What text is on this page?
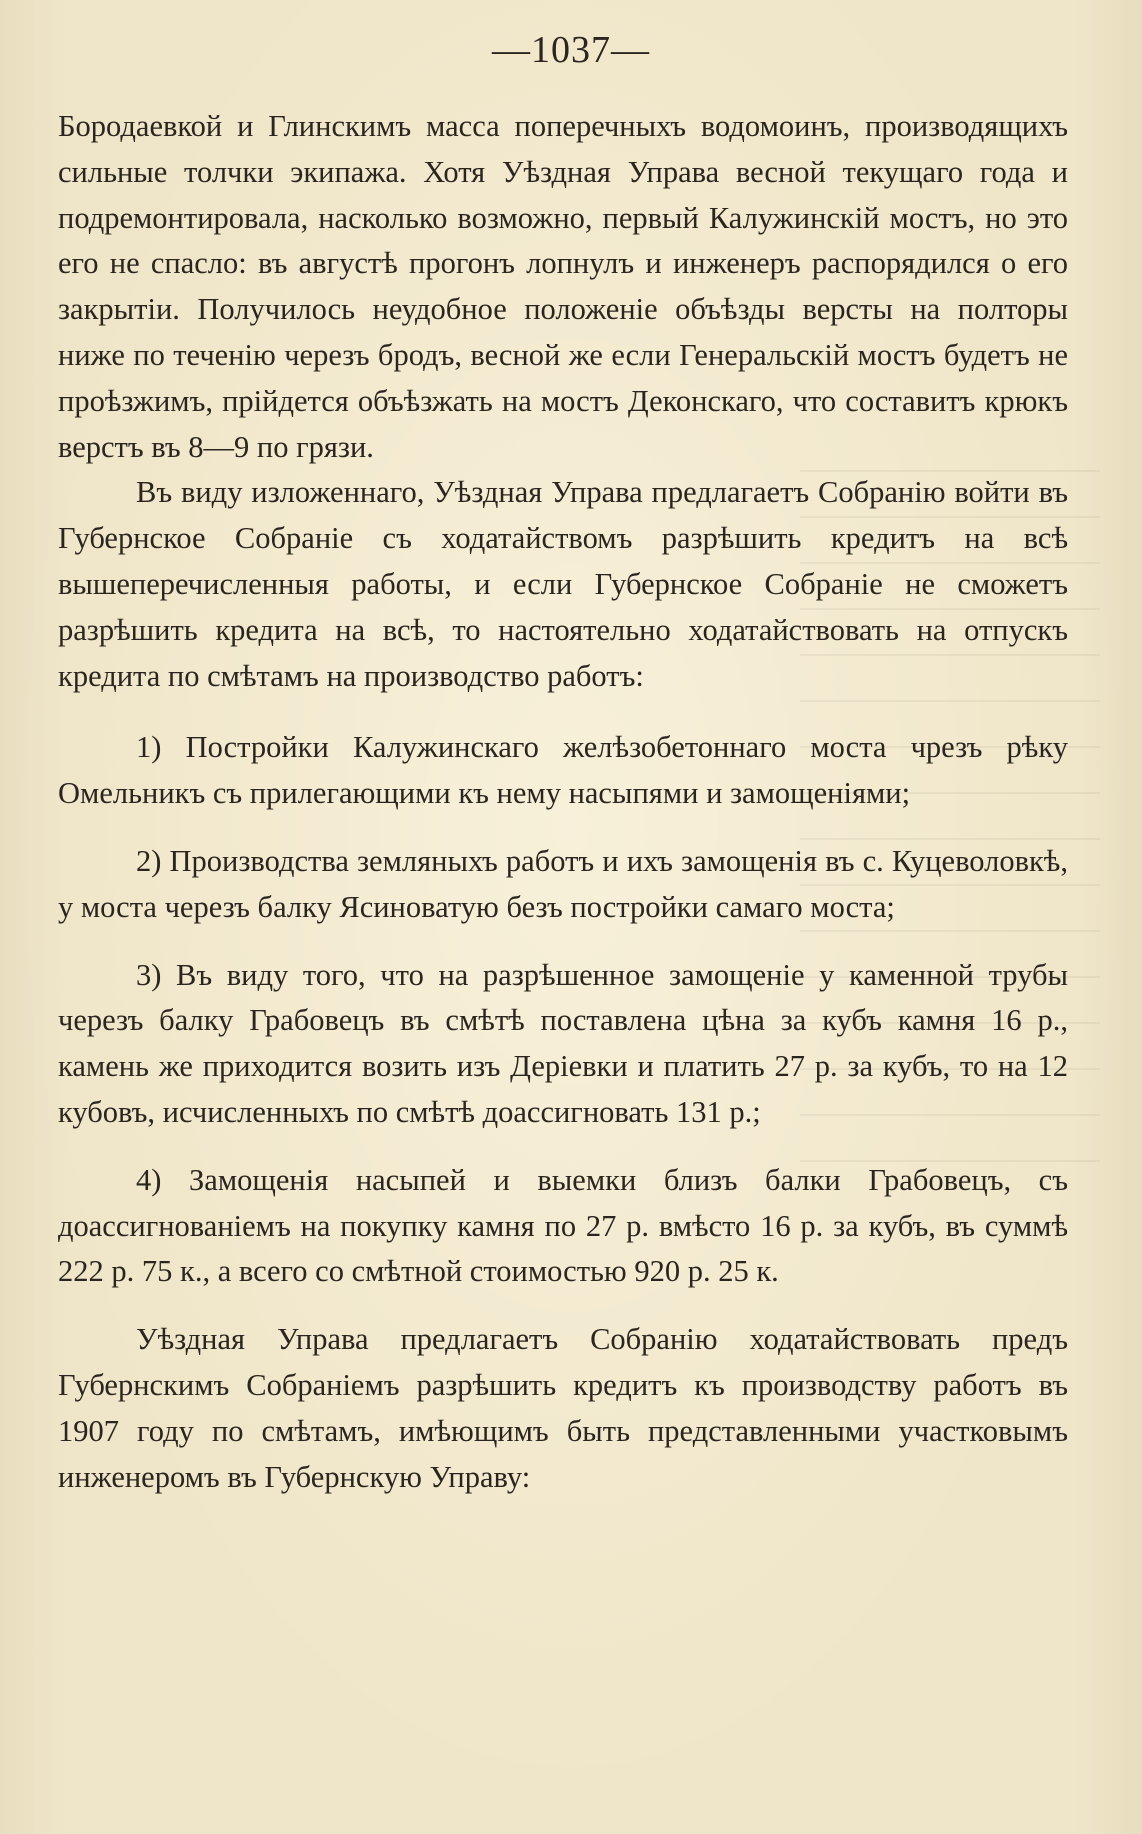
—1037—

Бородаевкой и Глинскимъ масса поперечныхъ водомоинъ, производящихъ сильные толчки экипажа. Хотя Уѣздная Управа весной текущаго года и подремонтировала, насколько возможно, первый Калужинскій мостъ, но это его не спасло: въ августѣ прогонъ лопнулъ и инженеръ распорядился о его закрытіи. Получилось неудобное положеніе объѣзды версты на полторы ниже по теченію черезъ бродъ, весной же если Генеральскій мостъ будетъ не проѣзжимъ, прійдется объѣзжать на мостъ Деконскаго, что составитъ крюкъ верстъ въ 8—9 по грязи.

Въ виду изложеннаго, Уѣздная Управа предлагаетъ Собранію войти въ Губернское Собраніе съ ходатайствомъ разрѣшить кредитъ на всѣ вышеперечисленныя работы, и если Губернское Собраніе не сможетъ разрѣшить кредита на всѣ, то настоятельно ходатайствовать на отпускъ кредита по смѣтамъ на производство работъ:

1) Постройки Калужинскаго желѣзобетоннаго моста чрезъ рѣку Омельникъ съ прилегающими къ нему насыпями и замощеніями;

2) Производства земляныхъ работъ и ихъ замощенія въ с. Куцеволовкѣ, у моста черезъ балку Ясиноватую безъ постройки самаго моста;

3) Въ виду того, что на разрѣшенное замощеніе у каменной трубы черезъ балку Грабовецъ въ смѣтѣ поставлена цѣна за кубъ камня 16 р., камень же приходится возить изъ Деріевки и платить 27 р. за кубъ, то на 12 кубовъ, исчисленныхъ по смѣтѣ доассигновать 131 р.;

4) Замощенія насыпей и выемки близъ балки Грабовецъ, съ доассигнованіемъ на покупку камня по 27 р. вмѣсто 16 р. за кубъ, въ суммѣ 222 р. 75 к., а всего со смѣтной стоимостью 920 р. 25 к.

Уѣздная Управа предлагаетъ Собранію ходатайствовать предъ Губернскимъ Собраніемъ разрѣшить кредитъ къ производству работъ въ 1907 году по смѣтамъ, имѣющимъ быть представленными участковымъ инженеромъ въ Губернскую Управу:
